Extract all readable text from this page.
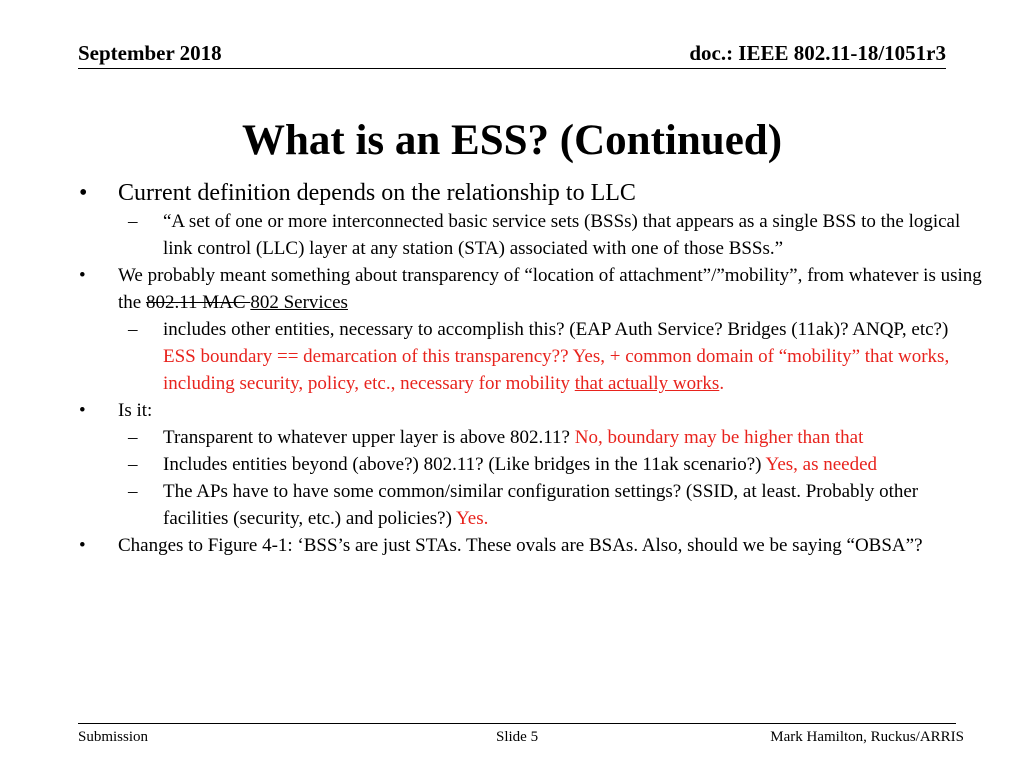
September 2018	doc.: IEEE 802.11-18/1051r3
What is an ESS? (Continued)
• Current definition depends on the relationship to LLC
– “A set of one or more interconnected basic service sets (BSSs) that appears as a single BSS to the logical link control (LLC) layer at any station (STA) associated with one of those BSSs.”
• We probably meant something about transparency of “location of attachment”/”mobility”, from whatever is using the 802.11 MAC 802 Services
– includes other entities, necessary to accomplish this? (EAP Auth Service? Bridges (11ak)? ANQP, etc?)
ESS boundary == demarcation of this transparency?? Yes, + common domain of “mobility” that works, including security, policy, etc., necessary for mobility that actually works.
• Is it:
– Transparent to whatever upper layer is above 802.11? No, boundary may be higher than that
– Includes entities beyond (above?) 802.11? (Like bridges in the 11ak scenario?) Yes, as needed
– The APs have to have some common/similar configuration settings? (SSID, at least. Probably other facilities (security, etc.) and policies?) Yes.
• Changes to Figure 4-1: ‘BSS’s are just STAs. These ovals are BSAs. Also, should we be saying “OBSA”?
Submission	Slide 5	Mark Hamilton, Ruckus/ARRIS
